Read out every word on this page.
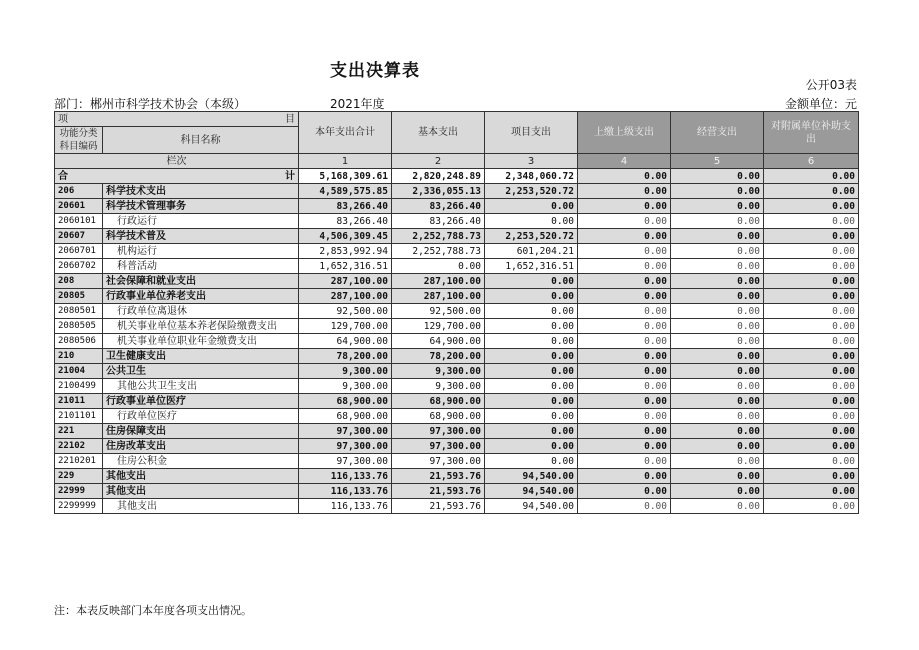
支出决算表
公开03表
部门：郴州市科学技术协会（本级）	2021年度	金额单位：元
项 目		本年支出合计	基本支出	项目支出	上缴上级支出	经营支出	对附属单位补助支出
功能分类科目编码	科目名称						
栏次		1	2	3	4	5	6
合 计		5,168,309.61	2,820,248.89	2,348,060.72	0.00	0.00	0.00
206	科学技术支出	4,589,575.85	2,336,055.13	2,253,520.72	0.00	0.00	0.00
20601	科学技术管理事务	83,266.40	83,266.40	0.00	0.00	0.00	0.00
2060101	行政运行	83,266.40	83,266.40	0.00	0.00	0.00	0.00
20607	科学技术普及	4,506,309.45	2,252,788.73	2,253,520.72	0.00	0.00	0.00
2060701	机构运行	2,853,992.94	2,252,788.73	601,204.21	0.00	0.00	0.00
2060702	科普活动	1,652,316.51	0.00	1,652,316.51	0.00	0.00	0.00
208	社会保障和就业支出	287,100.00	287,100.00	0.00	0.00	0.00	0.00
20805	行政事业单位养老支出	287,100.00	287,100.00	0.00	0.00	0.00	0.00
2080501	行政单位离退休	92,500.00	92,500.00	0.00	0.00	0.00	0.00
2080505	机关事业单位基本养老保险缴费支出	129,700.00	129,700.00	0.00	0.00	0.00	0.00
2080506	机关事业单位职业年金缴费支出	64,900.00	64,900.00	0.00	0.00	0.00	0.00
210	卫生健康支出	78,200.00	78,200.00	0.00	0.00	0.00	0.00
21004	公共卫生	9,300.00	9,300.00	0.00	0.00	0.00	0.00
2100499	其他公共卫生支出	9,300.00	9,300.00	0.00	0.00	0.00	0.00
21011	行政事业单位医疗	68,900.00	68,900.00	0.00	0.00	0.00	0.00
2101101	行政单位医疗	68,900.00	68,900.00	0.00	0.00	0.00	0.00
221	住房保障支出	97,300.00	97,300.00	0.00	0.00	0.00	0.00
22102	住房改革支出	97,300.00	97,300.00	0.00	0.00	0.00	0.00
2210201	住房公积金	97,300.00	97,300.00	0.00	0.00	0.00	0.00
229	其他支出	116,133.76	21,593.76	94,540.00	0.00	0.00	0.00
22999	其他支出	116,133.76	21,593.76	94,540.00	0.00	0.00	0.00
2299999	其他支出	116,133.76	21,593.76	94,540.00	0.00	0.00	0.00
注：本表反映部门本年度各项支出情况。
